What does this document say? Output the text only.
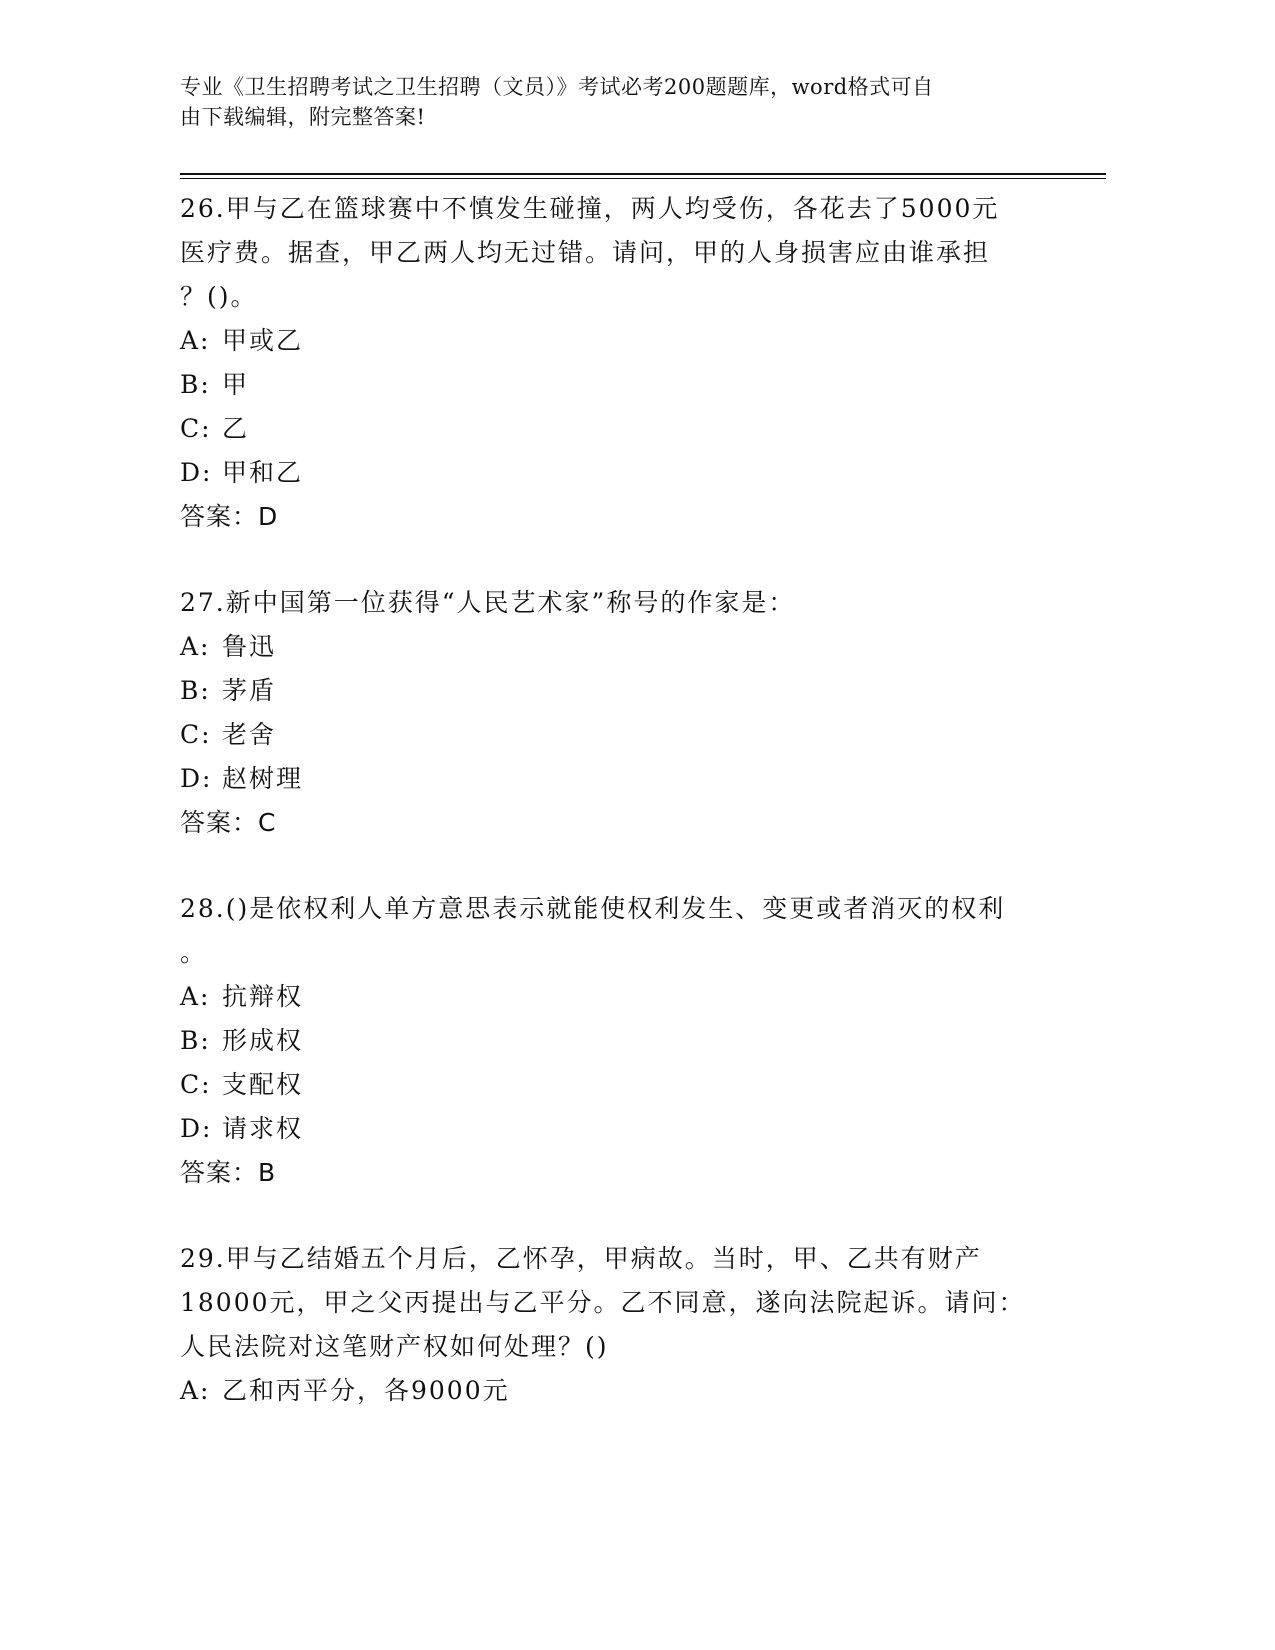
专业《卫生招聘考试之卫生招聘（文员）》考试必考200题题库，word格式可自
由下载编辑，附完整答案!
26.甲与乙在篮球赛中不慎发生碰撞，两人均受伤，各花去了5000元
医疗费。据查，甲乙两人均无过错。请问，甲的人身损害应由谁承担
？()。
A: 甲或乙
B: 甲
C: 乙
D: 甲和乙
答案：D
27.新中国第一位获得“人民艺术家”称号的作家是：
A: 鲁迅
B: 茅盾
C: 老舍
D: 赵树理
答案：C
28.()是依权利人单方意思表示就能使权利发生、变更或者消灭的权利
。
A: 抗辩权
B: 形成权
C: 支配权
D: 请求权
答案：B
29.甲与乙结婚五个月后，乙怀孕，甲病故。当时，甲、乙共有财产
18000元，甲之父丙提出与乙平分。乙不同意，遂向法院起诉。请问：
人民法院对这笔财产权如何处理？()
A: 乙和丙平分，各9000元
